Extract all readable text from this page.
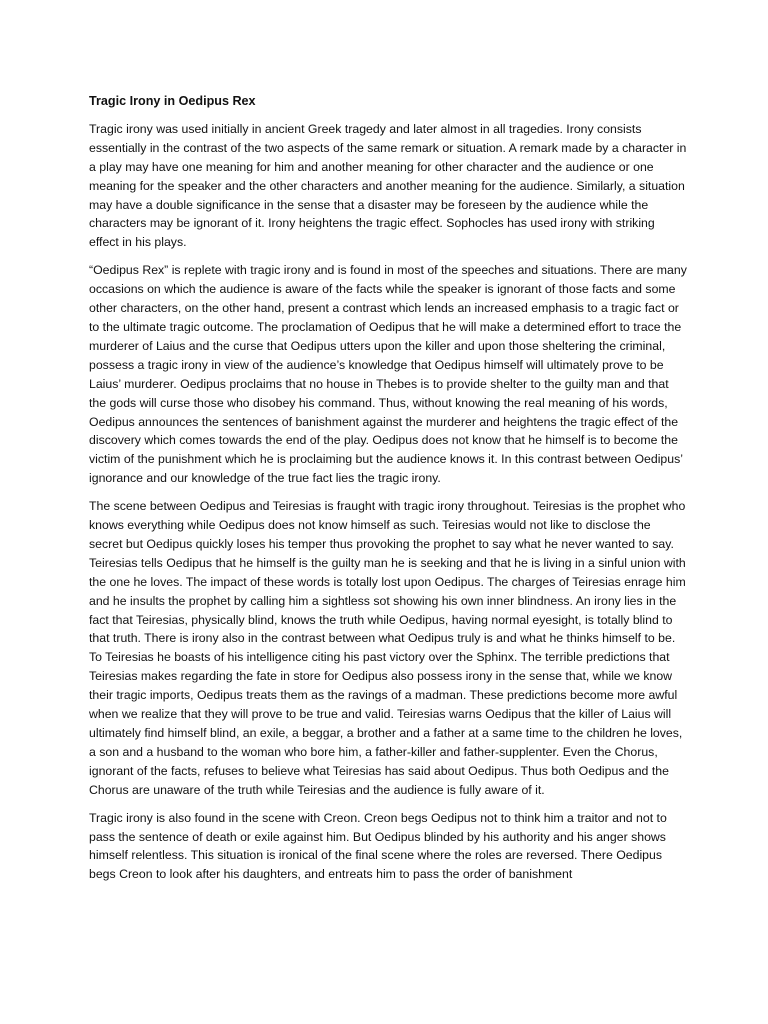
Tragic Irony in Oedipus Rex

Tragic irony was used initially in ancient Greek tragedy and later almost in all tragedies. Irony consists essentially in the contrast of the two aspects of the same remark or situation. A remark made by a character in a play may have one meaning for him and another meaning for other character and the audience or one meaning for the speaker and the other characters and another meaning for the audience. Similarly, a situation may have a double significance in the sense that a disaster may be foreseen by the audience while the characters may be ignorant of it. Irony heightens the tragic effect. Sophocles has used irony with striking effect in his plays.

“Oedipus Rex” is replete with tragic irony and is found in most of the speeches and situations. There are many occasions on which the audience is aware of the facts while the speaker is ignorant of those facts and some other characters, on the other hand, present a contrast which lends an increased emphasis to a tragic fact or to the ultimate tragic outcome. The proclamation of Oedipus that he will make a determined effort to trace the murderer of Laius and the curse that Oedipus utters upon the killer and upon those sheltering the criminal, possess a tragic irony in view of the audience’s knowledge that Oedipus himself will ultimately prove to be Laius’ murderer. Oedipus proclaims that no house in Thebes is to provide shelter to the guilty man and that the gods will curse those who disobey his command. Thus, without knowing the real meaning of his words, Oedipus announces the sentences of banishment against the murderer and heightens the tragic effect of the discovery which comes towards the end of the play. Oedipus does not know that he himself is to become the victim of the punishment which he is proclaiming but the audience knows it. In this contrast between Oedipus’ ignorance and our knowledge of the true fact lies the tragic irony.

The scene between Oedipus and Teiresias is fraught with tragic irony throughout. Teiresias is the prophet who knows everything while Oedipus does not know himself as such. Teiresias would not like to disclose the secret but Oedipus quickly loses his temper thus provoking the prophet to say what he never wanted to say. Teiresias tells Oedipus that he himself is the guilty man he is seeking and that he is living in a sinful union with the one he loves. The impact of these words is totally lost upon Oedipus. The charges of Teiresias enrage him and he insults the prophet by calling him a sightless sot showing his own inner blindness. An irony lies in the fact that Teiresias, physically blind, knows the truth while Oedipus, having normal eyesight, is totally blind to that truth. There is irony also in the contrast between what Oedipus truly is and what he thinks himself to be. To Teiresias he boasts of his intelligence citing his past victory over the Sphinx. The terrible predictions that Teiresias makes regarding the fate in store for Oedipus also possess irony in the sense that, while we know their tragic imports, Oedipus treats them as the ravings of a madman. These predictions become more awful when we realize that they will prove to be true and valid. Teiresias warns Oedipus that the killer of Laius will ultimately find himself blind, an exile, a beggar, a brother and a father at a same time to the children he loves, a son and a husband to the woman who bore him, a father-killer and father-supplenter. Even the Chorus, ignorant of the facts, refuses to believe what Teiresias has said about Oedipus. Thus both Oedipus and the Chorus are unaware of the truth while Teiresias and the audience is fully aware of it.

Tragic irony is also found in the scene with Creon. Creon begs Oedipus not to think him a traitor and not to pass the sentence of death or exile against him. But Oedipus blinded by his authority and his anger shows himself relentless. This situation is ironical of the final scene where the roles are reversed. There Oedipus begs Creon to look after his daughters, and entreats him to pass the order of banishment
